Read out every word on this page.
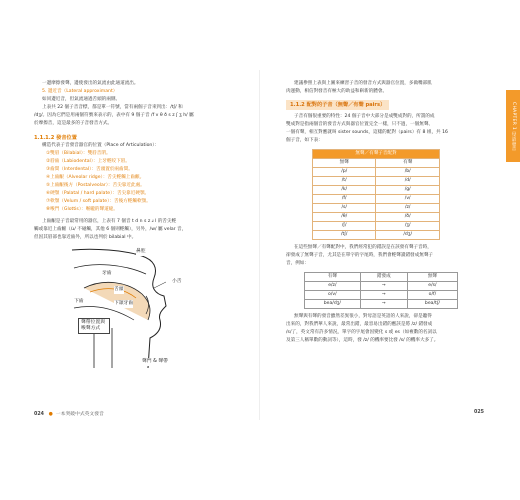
一邊摩擦發聲，邊使發出的氣流由此通道流出。

5. 邊近音（Lateral approximant）

如同邊近音，但氣流通過舌頭的兩側。

上表共 22 個子音音標，都是單一符號，當有兩個子音來到出：/tʃ/ 和

/dʒ/。因為它們是用兩個符號來表示的，表中有 9 個子音 /f v θ ð s z ʃ ʒ h/ 屬

於摩擦音，這是最多的子音發音方式。

1.1.1.2 發音位置

構造代表子音發音器官的位置（Place of Articulation）：

①雙唇（Bilabial）：雙唇音閉。
②唇齒（Labiodental）：上牙輕咬下唇。
③齒間（Interdental）：舌頭置於兩齒間。
④上齒齦（Alveolar ridge）：舌尖輕觸上齒齦。
⑤上齒齦後方（Postalveolar）：舌尖靠近此處。
⑥硬顎（Palatal / hard palate）：舌尖靠近硬顎。
⑦軟顎（Velum / soft palate）：舌後方輕觸軟顎。
⑧喉門（Glottis）：喉嚨的聲道縫。

上齒齦是子音最常用的器官，上表有 7 個音 t d n s z ɹ l 的舌尖輕

觸或靠近上齒齦（/ɹ/ 不碰觸，其他 6 個則輕觸），另外，/w/ 屬 velar 音，

但因其唇部也靠近齒外，所以也列於 bilabial 中。

鼻腔
小舌
牙齒
舌頭
下齒	下頜牙齒
聲帶位置與
喉聲方式
聲門 & 聲帶
024   ●  一本突破中式英文發音

建議參照上表與上圖來練習子音的發音方式與器官位置，多做嘴部肌

肉運動，相信對發音有極大的助益和嶄新的體會。

1.1.2 配對的子音（無聲／有聲 pairs）

子音有個很重要的特性：24 個子音中大部分是成雙成對的，所謂的成

雙成對是指兩個音的發音方式與器官位置完全一樣，只不過，一個無聲、

一個有聲，相互對應就叫 sister sounds，這樣的配對（pairs）有 8 組，共 16

個子音，如下表：

無聲／有聲子音配對	
無聲	有聲
/p/	/b/
/t/	/d/
/k/	/g/
/f/	/v/
/s/	/z/
/θ/	/ð/
/ʃ/	/ʒ/
/tʃ/	/dʒ/

在這些無聲／有聲配對中，我們經常犯的錯誤是在該發有聲子音時，

卻發成了無聲子音，尤其是在單字的字尾時，我們會輕聲讀錯發成無聲子

音，例如：

有聲	錯發成	無聲
e/z/	→	e/s/
o/v/	→	o/f/
bea/dʒ/	→	bea/tʃ/

無聲與有聲的發音雖然差異很小，對母語是英語的人來說，卻是聽得

出來的，對我們華人來說，最常出錯，最容易出錯的應該是將 /z/ 錯發成

/s/了，英文常有許多情況，單字的字尾會因變化 s 或 es（如複數的名詞以

及第三人稱單數的動詞等），這時，發 /z/ 的機率要比發 /s/ 的機率大多了。

025
CHAPTER 1 母語發音
